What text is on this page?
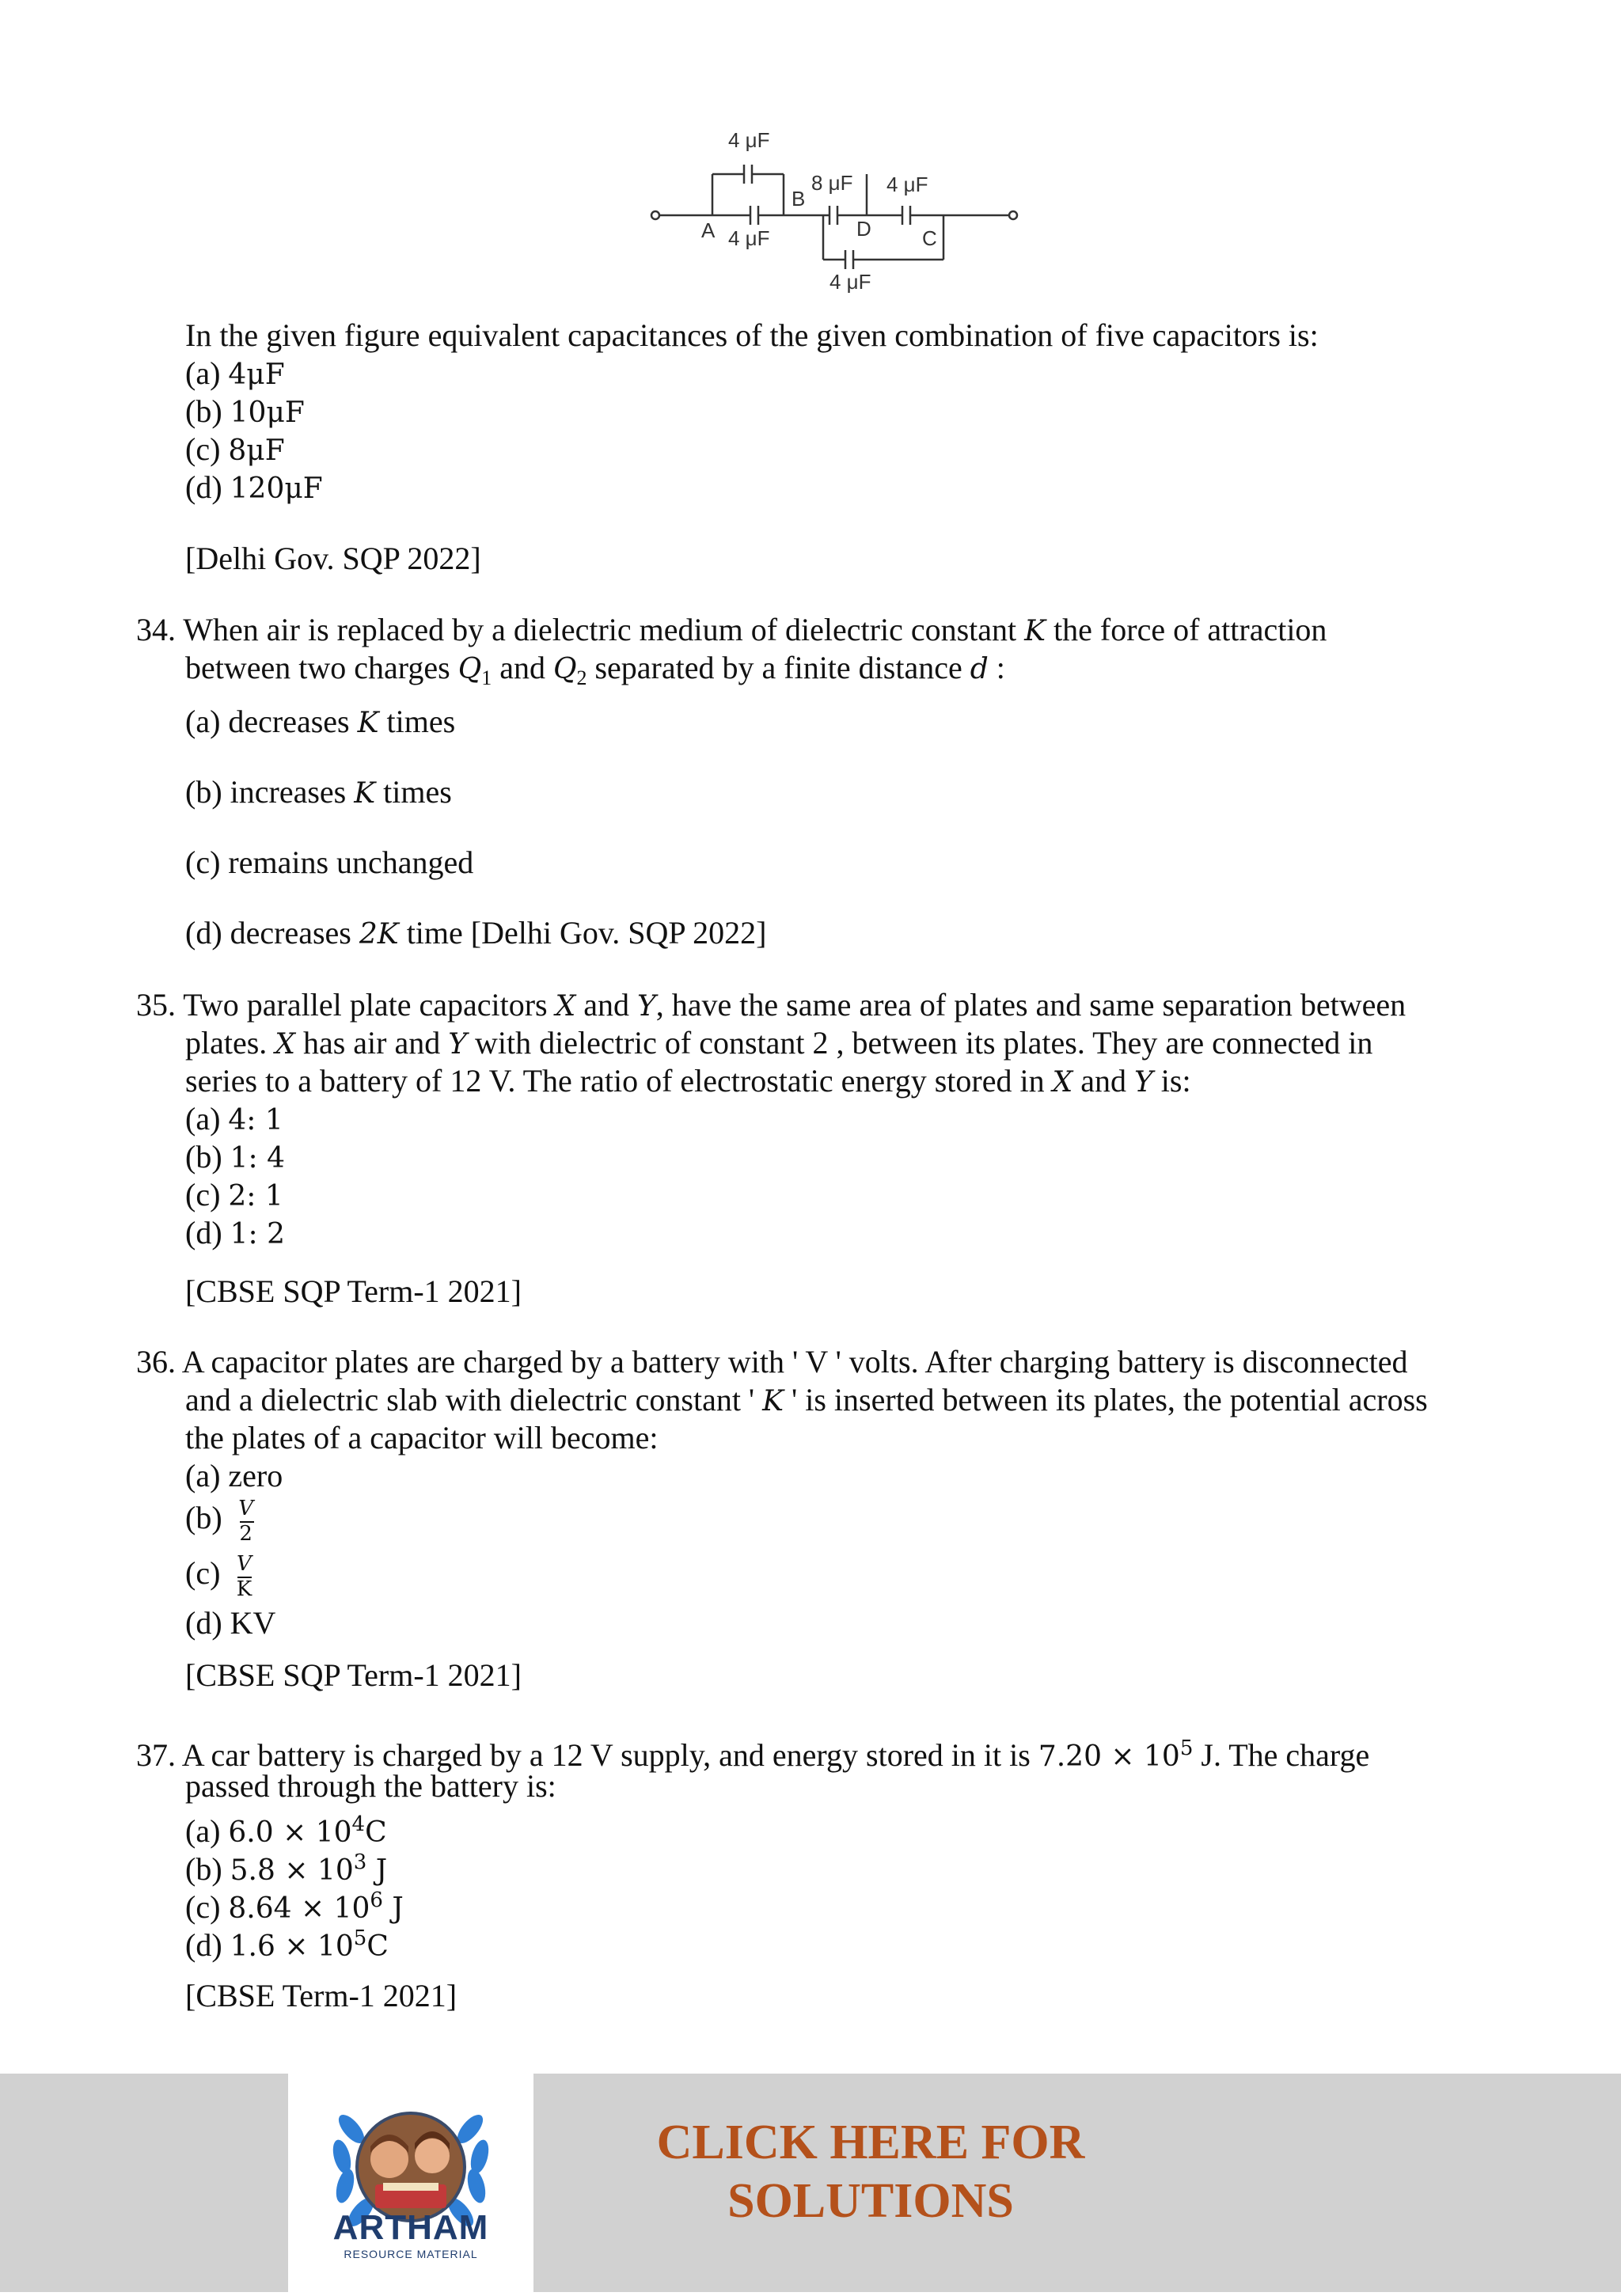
4 μF
4 μF
8 μF 4 μF
4 μF
A
B
C
D
In the given figure equivalent capacitances of the given combination of five capacitors is:
(a) 4μF
(b) 10μF
(c) 8μF
(d) 120μF
[Delhi Gov. SQP 2022]
34. When air is replaced by a dielectric medium of dielectric constant K the force of attraction
between two charges $Q_1$ and $Q_2$ separated by a finite distance d :
(a) decreases K times
(b) increases K times
(c) remains unchanged
(d) decreases 2K time [Delhi Gov. SQP 2022]
35. Two parallel plate capacitors X and Y, have the same area of plates and same separation between
plates. X has air and Y with dielectric of constant 2 , between its plates. They are connected in
series to a battery of 12 V. The ratio of electrostatic energy stored in X and Y is:
(a) 4: 1
(b) 1: 4
(c) 2: 1
(d) 1: 2
[CBSE SQP Term-1 2021]
36. A capacitor plates are charged by a battery with ' V ' volts. After charging battery is disconnected
and a dielectric slab with dielectric constant ' K ' is inserted between its plates, the potential across
the plates of a capacitor will become:
(a) zero
$(b) \frac{V}{2}$
$(c) \frac{V}{K}$
(d) KV
[CBSE SQP Term-1 2021]
37. A car battery is charged by a 12 V supply, and energy stored in it is $7.20 \times 10^5$ J. The charge
passed through the battery is:
(a) $6.0 \times 10^4C$
(b) $5.8 \times 10^3$ J
(c) $8.64 \times 10^6$ J
(d) $1.6 \times 10^5C$
[CBSE Term-1 2021]
ARTHAM
RESOURCE MATERIAL
CLICK HERE FOR
SOLUTIONS
